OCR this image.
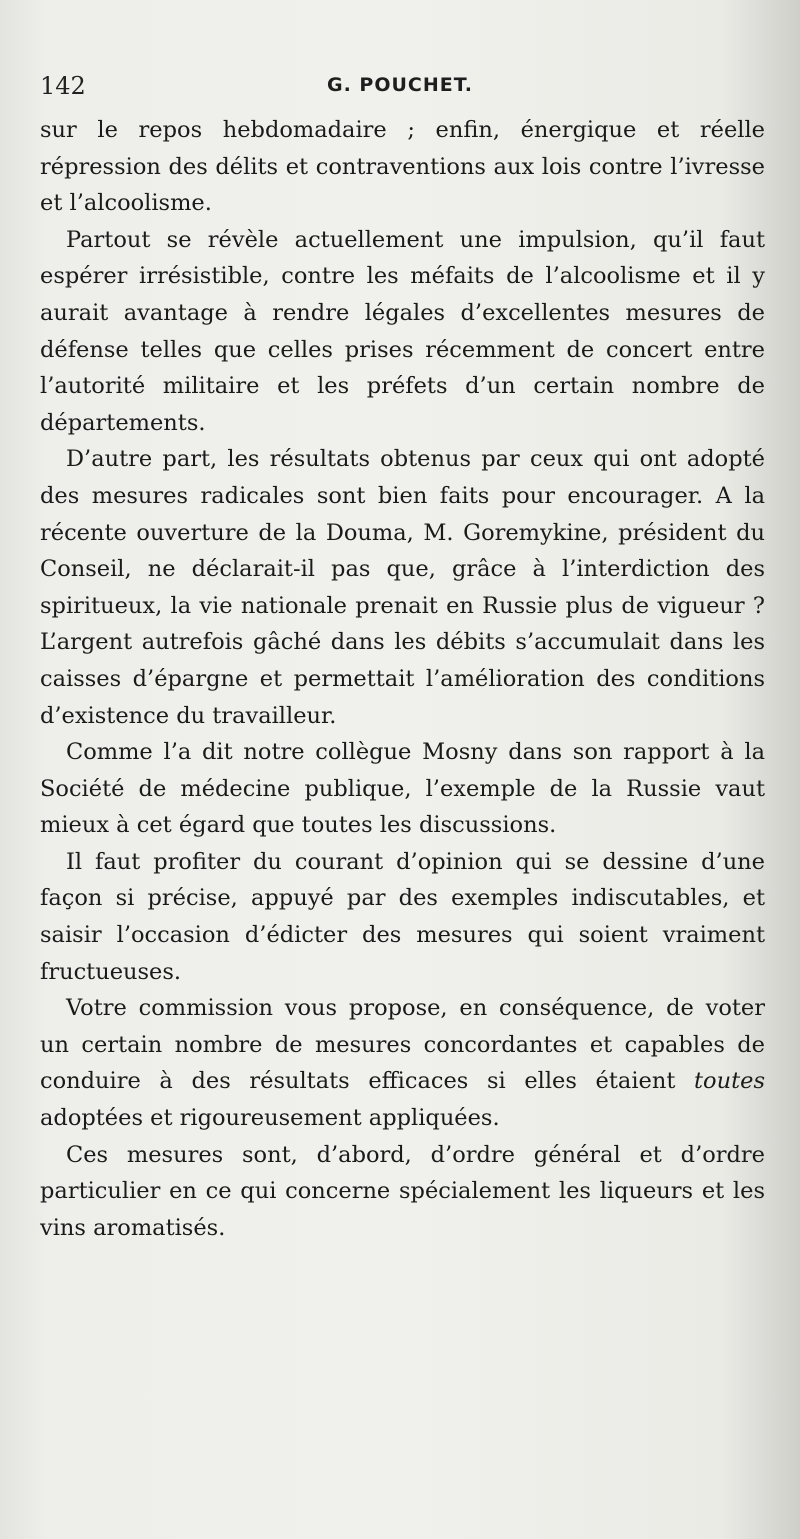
142	G. POUCHET.

sur le repos hebdomadaire ; enfin, énergique et réelle répression des délits et contraventions aux lois contre l’ivresse et l’alcoolisme.

Partout se révèle actuellement une impulsion, qu’il faut espérer irrésistible, contre les méfaits de l’alcoolisme et il y aurait avantage à rendre légales d’excellentes mesures de défense telles que celles prises récemment de concert entre l’autorité militaire et les préfets d’un certain nombre de départements.

D’autre part, les résultats obtenus par ceux qui ont adopté des mesures radicales sont bien faits pour encourager. A la récente ouverture de la Douma, M. Goremykine, président du Conseil, ne déclarait-il pas que, grâce à l’interdiction des spiritueux, la vie nationale prenait en Russie plus de vigueur ? L’argent autrefois gâché dans les débits s’accumulait dans les caisses d’épargne et permettait l’amélioration des conditions d’existence du travailleur.

Comme l’a dit notre collègue Mosny dans son rapport à la Société de médecine publique, l’exemple de la Russie vaut mieux à cet égard que toutes les discussions.

Il faut profiter du courant d’opinion qui se dessine d’une façon si précise, appuyé par des exemples indiscutables, et saisir l’occasion d’édicter des mesures qui soient vraiment fructueuses.

Votre commission vous propose, en conséquence, de voter un certain nombre de mesures concordantes et capables de conduire à des résultats efficaces si elles étaient toutes adoptées et rigoureusement appliquées.

Ces mesures sont, d’abord, d’ordre général et d’ordre particulier en ce qui concerne spécialement les liqueurs et les vins aromatisés.
